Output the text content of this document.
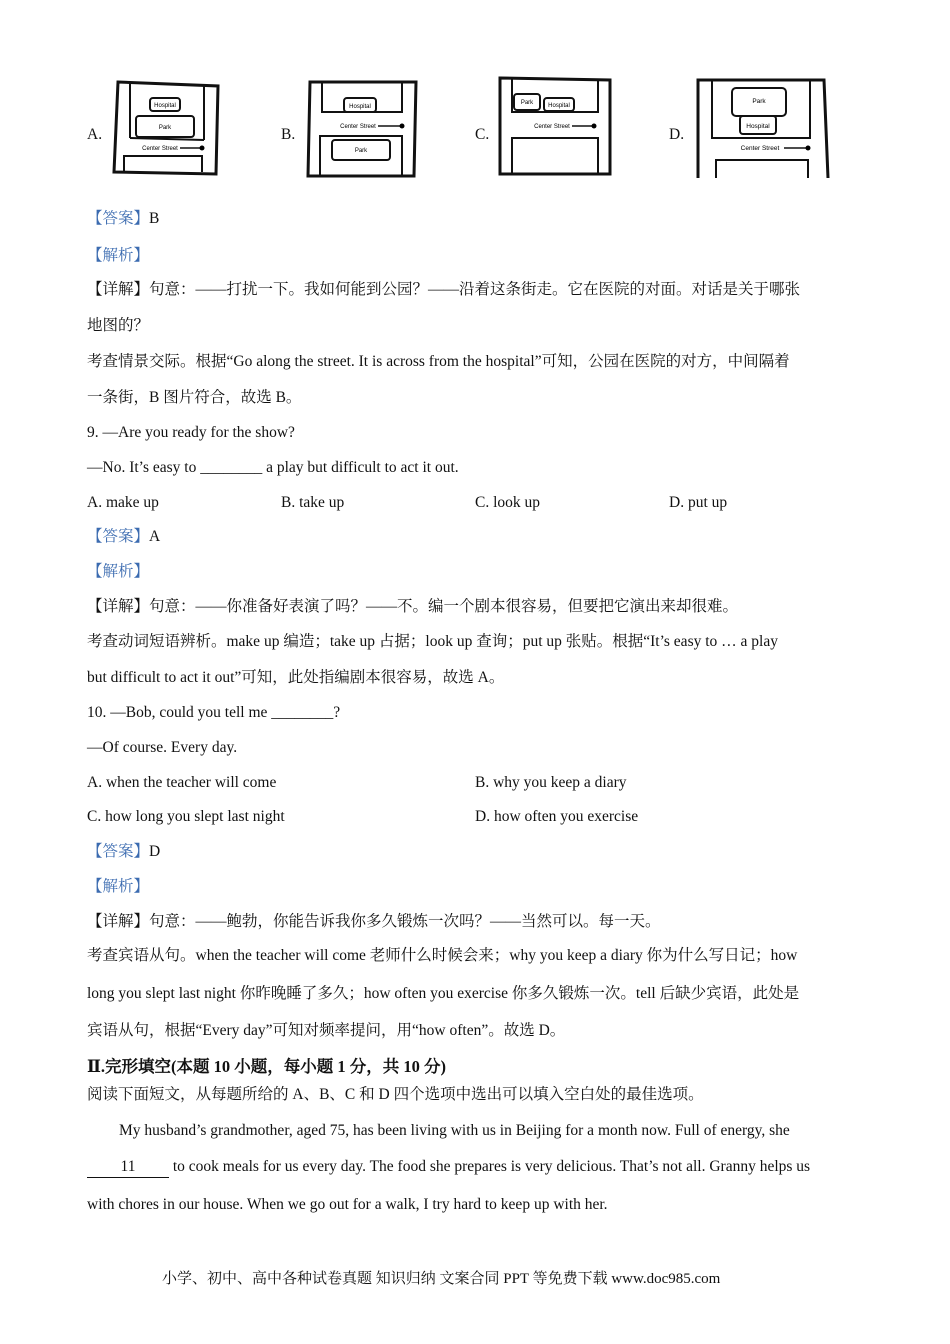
A.
Hospital
Park
Center Street
B.
Hospital
Center Street
Park
C.
Park Hospital
Center Street	D.
Park
Hospital
Center Street
【答案】B
【解析】
【详解】句意：——打扰一下。我如何能到公园？——沿着这条街走。它在医院的对面。对话是关于哪张
地图的？
考查情景交际。根据“Go along the street. It is across from the hospital”可知，公园在医院的对方，中间隔着
一条街，B 图片符合，故选 B。
9. —Are you ready for the show?
—No. It’s easy to ________ a play but difficult to act it out.
A. make up	B. take up	C. look up	D. put up
【答案】A
【解析】
【详解】句意：——你准备好表演了吗？——不。编一个剧本很容易，但要把它演出来却很难。
考查动词短语辨析。make up 编造；take up 占据；look up 查询；put up 张贴。根据“It’s easy to … a play
but difficult to act it out”可知，此处指编剧本很容易，故选 A。
10. —Bob, could you tell me ________?
—Of course. Every day.
A. when the teacher will come	B. why you keep a diary
C. how long you slept last night	D. how often you exercise
【答案】D
【解析】
【详解】句意：——鲍勃，你能告诉我你多久锻炼一次吗？——当然可以。每一天。
考查宾语从句。when the teacher will come 老师什么时候会来；why you keep a diary 你为什么写日记；how
long you slept last night 你昨晚睡了多久；how often you exercise 你多久锻炼一次。tell 后缺少宾语，此处是
宾语从句，根据“Every day”可知对频率提问，用“how often”。故选 D。
Ⅱ.完形填空(本题 10 小题，每小题 1 分，共 10 分)
阅读下面短文，从每题所给的 A、B、C 和 D 四个选项中选出可以填入空白处的最佳选项。
My husband’s grandmother, aged 75, has been living with us in Beijing for a month now. Full of energy, she
11 to cook meals for us every day. The food she prepares is very delicious. That’s not all. Granny helps us
with chores in our house. When we go out for a walk, I try hard to keep up with her.
小学、初中、高中各种试卷真题 知识归纳 文案合同 PPT 等免费下载 www.doc985.com
